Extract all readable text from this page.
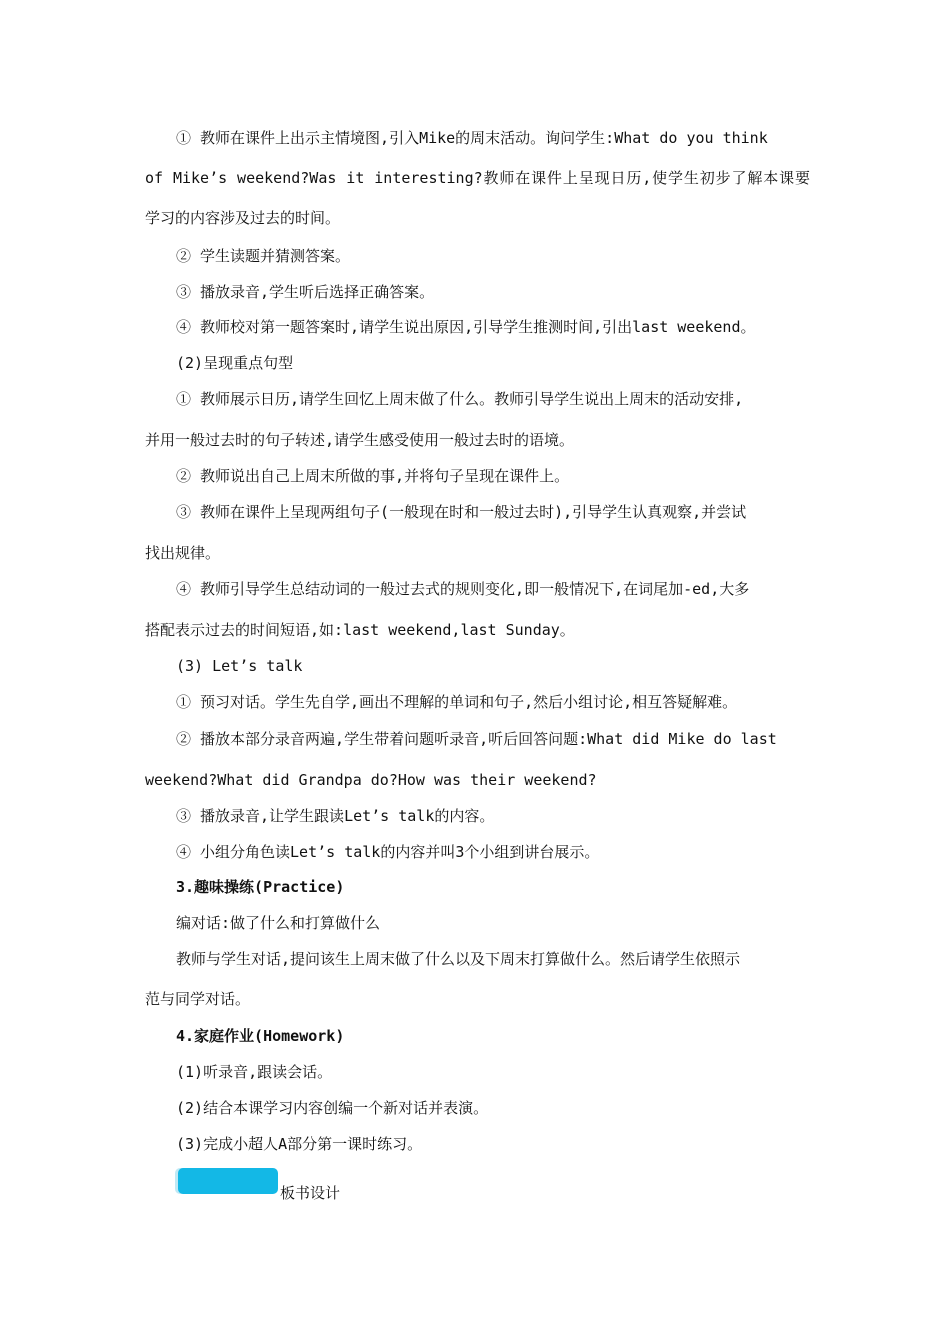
① 教师在课件上出示主情境图,引入Mike的周末活动。询问学生:What do you think
of Mike’s weekend?Was it interesting?教师在课件上呈现日历,使学生初步了解本课要
学习的内容涉及过去的时间。
② 学生读题并猜测答案。
③ 播放录音,学生听后选择正确答案。
④ 教师校对第一题答案时,请学生说出原因,引导学生推测时间,引出last weekend。
(2)呈现重点句型
① 教师展示日历,请学生回忆上周末做了什么。教师引导学生说出上周末的活动安排,
并用一般过去时的句子转述,请学生感受使用一般过去时的语境。
② 教师说出自己上周末所做的事,并将句子呈现在课件上。
③ 教师在课件上呈现两组句子(一般现在时和一般过去时),引导学生认真观察,并尝试
找出规律。
④ 教师引导学生总结动词的一般过去式的规则变化,即一般情况下,在词尾加-ed,大多
搭配表示过去的时间短语,如:last weekend,last Sunday。
(3) Let’s talk
① 预习对话。学生先自学,画出不理解的单词和句子,然后小组讨论,相互答疑解难。
② 播放本部分录音两遍,学生带着问题听录音,听后回答问题:What did Mike do last
weekend?What did Grandpa do?How was their weekend?
③ 播放录音,让学生跟读Let’s talk的内容。
④ 小组分角色读Let’s talk的内容并叫3个小组到讲台展示。
3.趣味操练(Practice)
编对话:做了什么和打算做什么
教师与学生对话,提问该生上周末做了什么以及下周末打算做什么。然后请学生依照示
范与同学对话。
4.家庭作业(Homework)
(1)听录音,跟读会话。
(2)结合本课学习内容创编一个新对话并表演。
(3)完成小超人A部分第一课时练习。
板书设计
